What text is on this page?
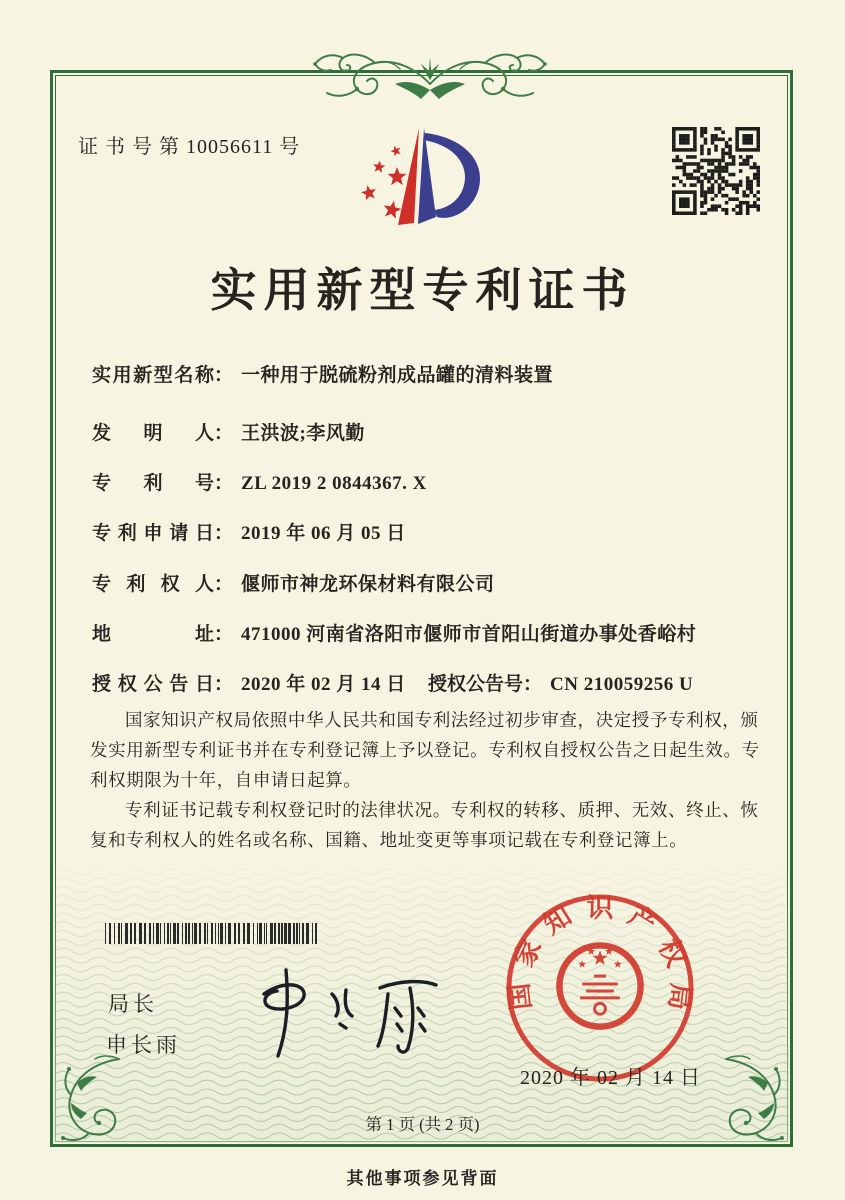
证 书 号 第 10056611 号
实用新型专利证书
实用新型名称： 一种用于脱硫粉剂成品罐的清料装置
发明人： 王洪波;李风勤
专利号： ZL 2019 2 0844367. X
专利申请日： 2019 年 06 月 05 日
专利权人： 偃师市神龙环保材料有限公司
地址： 471000 河南省洛阳市偃师市首阳山街道办事处香峪村
授权公告日： 2020 年 02 月 14 日 授权公告号： CN 210059256 U

国家知识产权局依照中华人民共和国专利法经过初步审查，决定授予专利权，颁发实用新型专利证书并在专利登记簿上予以登记。专利权自授权公告之日起生效。专利权期限为十年，自申请日起算。

专利证书记载专利权登记时的法律状况。专利权的转移、质押、无效、终止、恢复和专利权人的姓名或名称、国籍、地址变更等事项记载在专利登记簿上。

局长
申长雨
国家知识产权局
2020 年 02 月 14 日
第 1 页 (共 2 页)
其他事项参见背面
